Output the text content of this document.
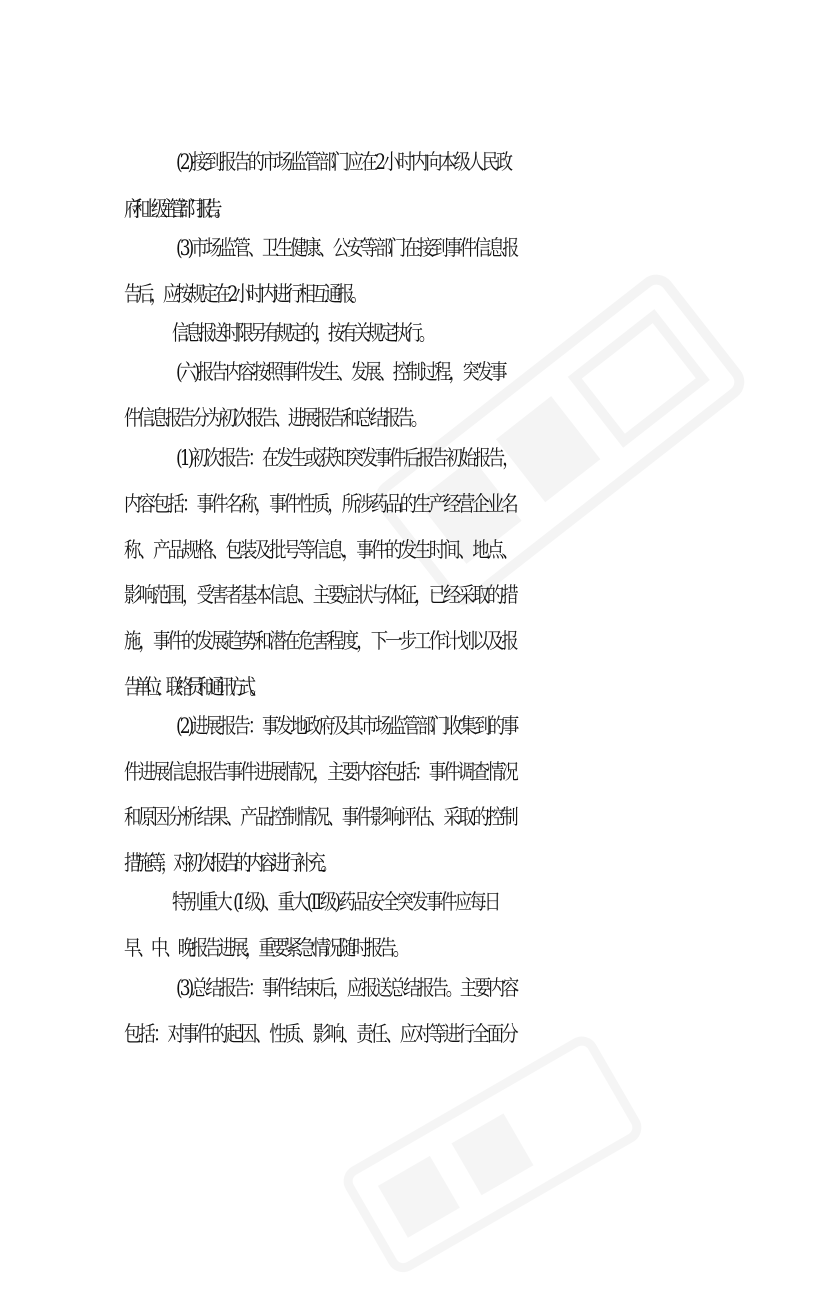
(2)接到报告的市场监管部门应在2小时内向本级人民政
府和上级主管部门报告。
(3)市场监管、卫生健康、公安等部门在接到事件信息报
告后，应按规定在2小时内进行相互通报。
信息报送时限另有规定的，按有关规定执行。
(六)报告内容按照事件发生、发展、控制过程，突发事
件信息报告分为初次报告、进展报告和总结报告。
(1)初次报告：在发生或获知突发事件后报告初始报告，
内容包括：事件名称，事件性质，所涉药品的生产经营企业名
称、产品规格、包装及批号等信息，事件的发生时间、地点、
影响范围，受害者基本信息、主要症状与体征，已经采取的措
施，事件的发展趋势和潜在危害程度，下一步工作计划以及报
告单位、联络员和通讯方式。
(2)进展报告：事发地政府及其市场监管部门收集到的事
件进展信息报告事件进展情况，主要内容包括：事件调查情况
和原因分析结果、产品控制情况、事件影响评估、采取的控制
措施等，对初次报告的内容进行补充。
特别重大 (I 级)、重大(Ⅱ级)药品安全突发事件应每日
早、中、晚报告进展，重要紧急情况随时报告。
(3)总结报告：事件结束后，应报送总结报告。主要内容
包括：对事件的起因、性质、影响、责任、应对等进行全面分
